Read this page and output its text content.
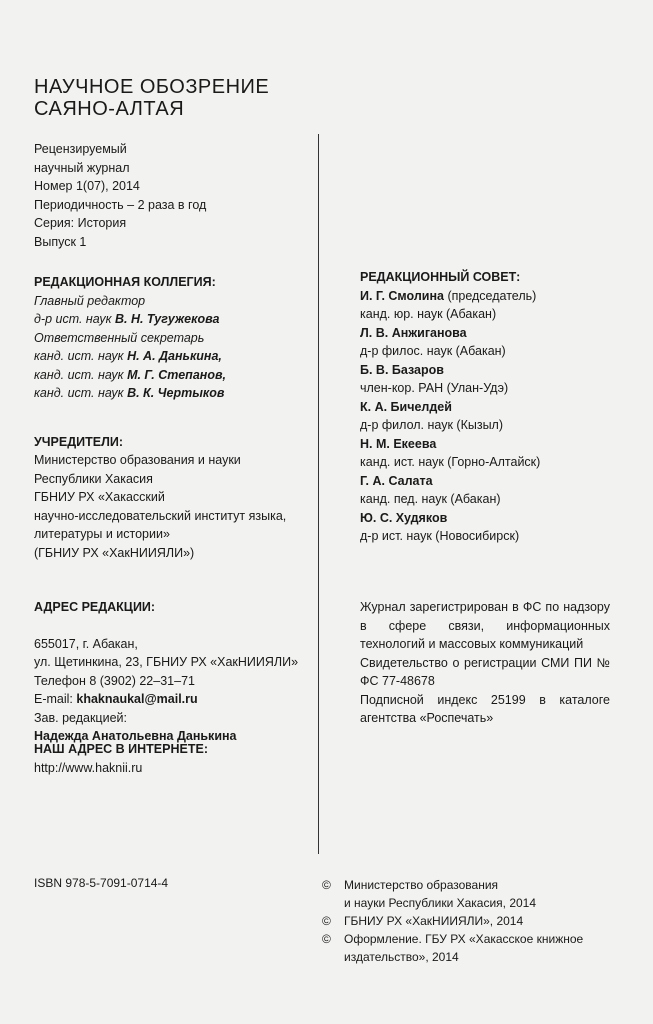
НАУЧНОЕ ОБОЗРЕНИЕ
САЯНО-АЛТАЯ
Рецензируемый
научный журнал
Номер 1(07), 2014
Периодичность – 2 раза в год
Серия: История
Выпуск 1
РЕДАКЦИОННАЯ КОЛЛЕГИЯ:
Главный редактор
д-р ист. наук В. Н. Тугужекова
Ответственный секретарь
канд. ист. наук Н. А. Данькина,
канд. ист. наук М. Г. Степанов,
канд. ист. наук В. К. Чертыков
УЧРЕДИТЕЛИ:
Министерство образования и науки
Республики Хакасия
ГБНИУ РХ «Хакасский
научно-исследовательский институт языка,
литературы и истории»
(ГБНИУ РХ «ХакНИИЯЛИ»)
АДРЕС РЕДАКЦИИ:
655017, г. Абакан,
ул. Щетинкина, 23, ГБНИУ РХ «ХакНИИЯЛИ»
Телефон 8 (3902) 22–31–71
E-mail: khaknaukal@mail.ru
Зав. редакцией:
Надежда Анатольевна Данькина
НАШ АДРЕС В ИНТЕРНЕТЕ:
http://www.haknii.ru
ISBN 978-5-7091-0714-4
РЕДАКЦИОННЫЙ СОВЕТ:
И. Г. Смолина (председатель)
канд. юр. наук (Абакан)
Л. В. Анжиганова
д-р филос. наук (Абакан)
Б. В. Базаров
член-кор. РАН (Улан-Удэ)
К. А. Бичелдей
д-р филол. наук (Кызыл)
Н. М. Екеева
канд. ист. наук (Горно-Алтайск)
Г. А. Салата
канд. пед. наук (Абакан)
Ю. С. Худяков
д-р ист. наук (Новосибирск)

Журнал зарегистрирован в ФС по надзору в сфере связи, информационных технологий и массовых коммуникаций

Свидетельство о регистрации СМИ ПИ № ФС 77-48678

Подписной индекс 25199 в каталоге агентства «Роспечать»

©	Министерство образования
и науки Республики Хакасия, 2014
©	ГБНИУ РХ «ХакНИИЯЛИ», 2014
©	Оформление. ГБУ РХ «Хакасское книжное
издательство», 2014
